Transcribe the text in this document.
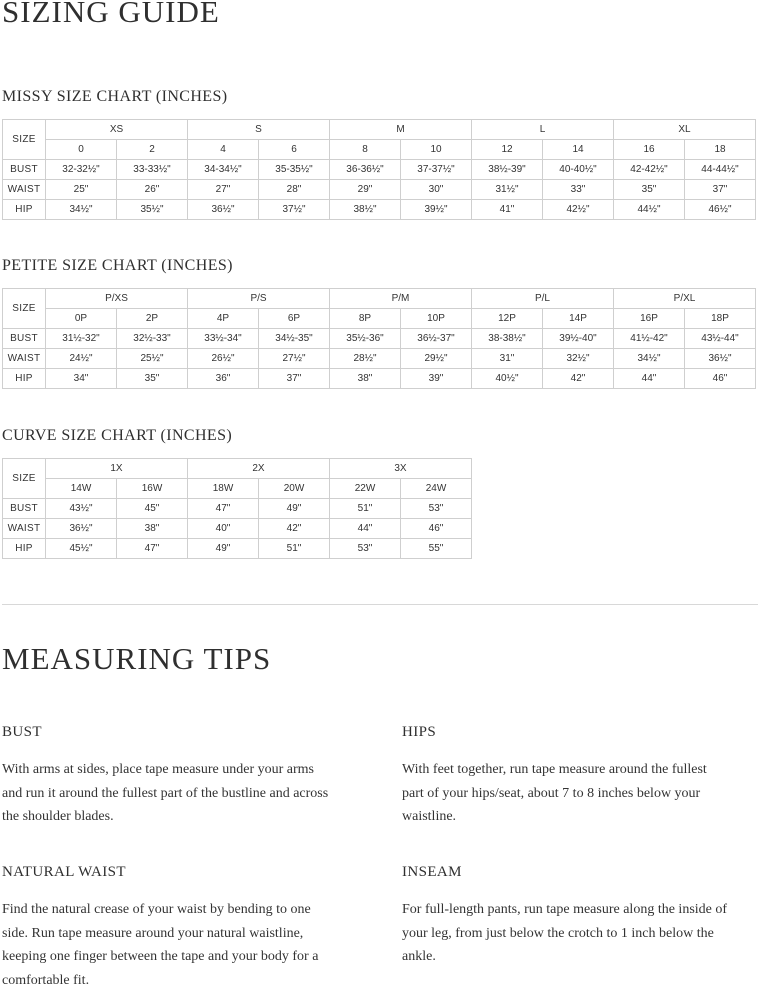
SIZING GUIDE
MISSY SIZE CHART (INCHES)
SIZE	XS		S		M		L		XL	
	0	2	4	6	8	10	12	14	16	18
BUST	32-32½"	33-33½"	34-34½"	35-35½"	36-36½"	37-37½"	38½-39"	40-40½"	42-42½"	44-44½"
WAIST	25"	26"	27"	28"	29"	30"	31½"	33"	35"	37"
HIP	34½"	35½"	36½"	37½"	38½"	39½"	41"	42½"	44½"	46½"
PETITE SIZE CHART (INCHES)
SIZE	P/XS		P/S		P/M		P/L		P/XL	
	0P	2P	4P	6P	8P	10P	12P	14P	16P	18P
BUST	31½-32"	32½-33"	33½-34"	34½-35"	35½-36"	36½-37"	38-38½"	39½-40"	41½-42"	43½-44"
WAIST	24½"	25½"	26½"	27½"	28½"	29½"	31"	32½"	34½"	36½"
HIP	34"	35"	36"	37"	38"	39"	40½"	42"	44"	46"
CURVE SIZE CHART (INCHES)
SIZE	1X		2X		3X	
	14W	16W	18W	20W	22W	24W
BUST	43½"	45"	47"	49"	51"	53"
WAIST	36½"	38"	40"	42"	44"	46"
HIP	45½"	47"	49"	51"	53"	55"
MEASURING TIPS
BUST

With arms at sides, place tape measure under your arms and run it around the fullest part of the bustline and across the shoulder blades.

HIPS

With feet together, run tape measure around the fullest part of your hips/seat, about 7 to 8 inches below your waistline.

NATURAL WAIST

Find the natural crease of your waist by bending to one side. Run tape measure around your natural waistline, keeping one finger between the tape and your body for a comfortable fit.

INSEAM

For full-length pants, run tape measure along the inside of your leg, from just below the crotch to 1 inch below the ankle.
